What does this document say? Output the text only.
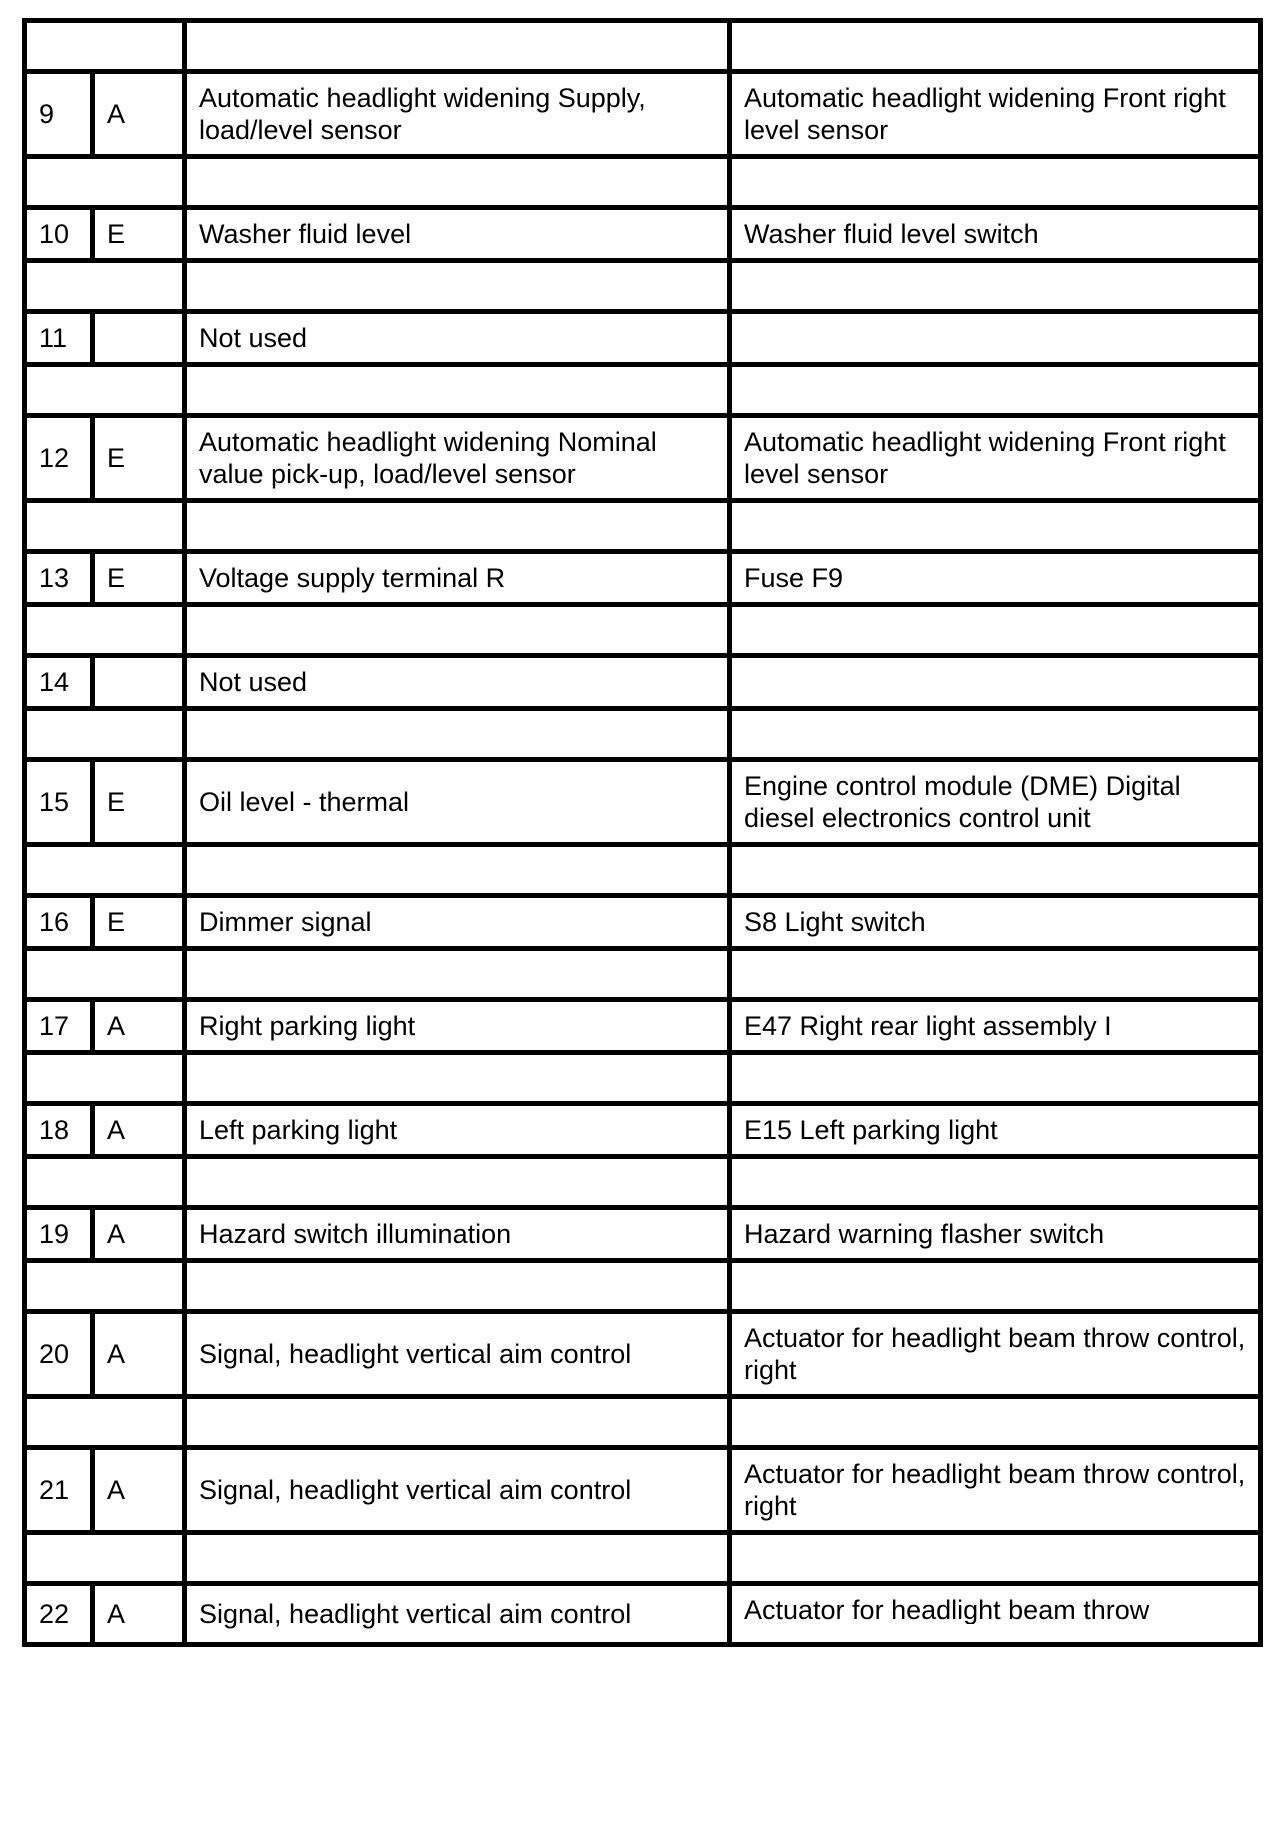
9	A	Automatic headlight widening Supply, load/level sensor	Automatic headlight widening Front right level sensor

10	E	Washer fluid level	Washer fluid level switch

11		Not used	

12	E	Automatic headlight widening Nominal value pick-up, load/level sensor	Automatic headlight widening Front right level sensor

13	E	Voltage supply terminal R	Fuse F9

14		Not used	

15	E	Oil level - thermal	Engine control module (DME) Digital diesel electronics control unit

16	E	Dimmer signal	S8 Light switch

17	A	Right parking light	E47 Right rear light assembly I

18	A	Left parking light	E15 Left parking light

19	A	Hazard switch illumination	Hazard warning flasher switch

20	A	Signal, headlight vertical aim control	Actuator for headlight beam throw control, right

21	A	Signal, headlight vertical aim control	Actuator for headlight beam throw control, right

22	A	Signal, headlight vertical aim control	Actuator for headlight beam throw
